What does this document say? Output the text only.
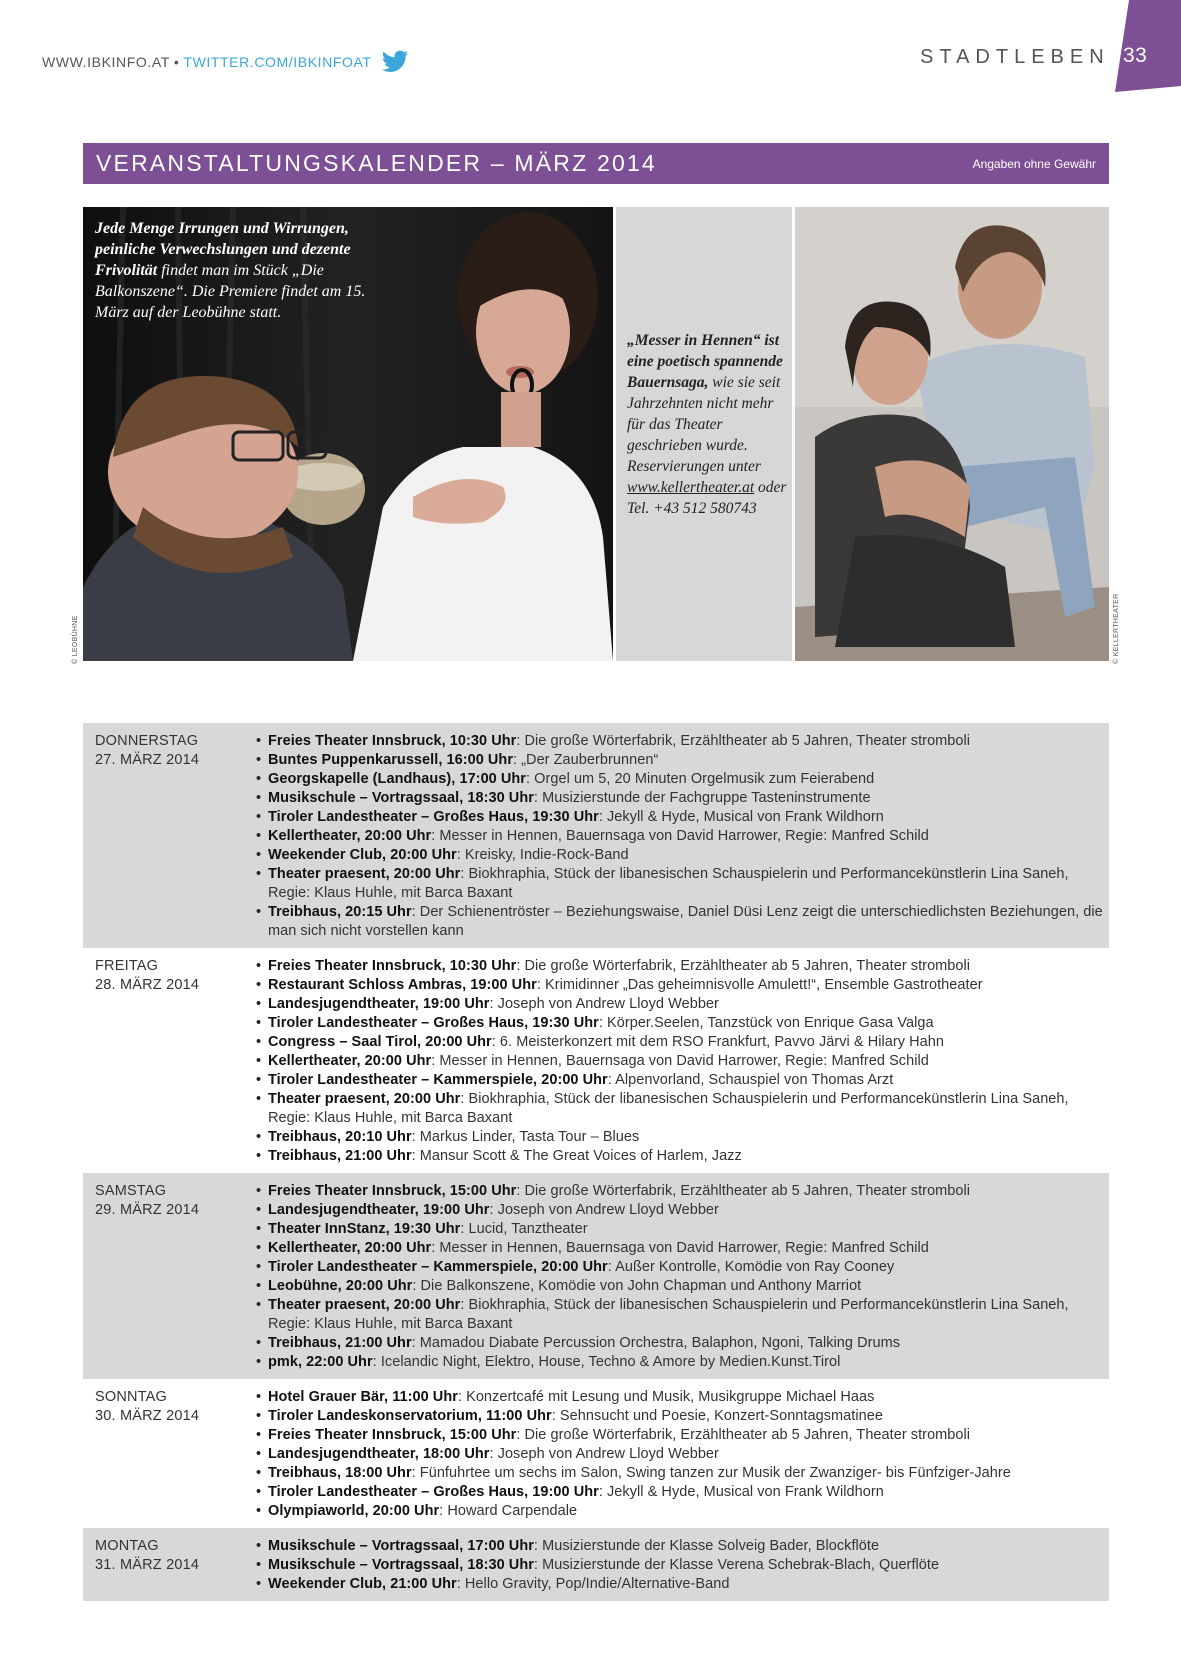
WWW.IBKINFO.AT • TWITTER.COM/IBKINFOAT	STADTLEBEN 33
VERANSTALTUNGSKALENDER – MÄRZ 2014	Angaben ohne Gewähr
Jede Menge Irrungen und Wirrungen, peinliche Verwechslungen und dezente Frivolität findet man im Stück „Die Balkonszene“. Die Premiere findet am 15. März auf der Leobühne statt.
© LEOBÜHNE
„Messer in Hennen“ ist eine poetisch spannende Bauernsaga, wie sie seit Jahrzehnten nicht mehr für das Theater geschrieben wurde. Reservierungen unter www.kellertheater.at oder Tel. +43 512 580743
© KELLERTHEATER
DONNERSTAG
27. MÄRZ 2014
• Freies Theater Innsbruck, 10:30 Uhr: Die große Wörterfabrik, Erzähltheater ab 5 Jahren, Theater stromboli
• Buntes Puppenkarussell, 16:00 Uhr: „Der Zauberbrunnen“
• Georgskapelle (Landhaus), 17:00 Uhr: Orgel um 5, 20 Minuten Orgelmusik zum Feierabend
• Musikschule – Vortragssaal, 18:30 Uhr: Musizierstunde der Fachgruppe Tasteninstrumente
• Tiroler Landestheater – Großes Haus, 19:30 Uhr: Jekyll & Hyde, Musical von Frank Wildhorn
• Kellertheater, 20:00 Uhr: Messer in Hennen, Bauernsaga von David Harrower, Regie: Manfred Schild
• Weekender Club, 20:00 Uhr: Kreisky, Indie-Rock-Band
• Theater praesent, 20:00 Uhr: Biokhraphia, Stück der libanesischen Schauspielerin und Performancekünstlerin Lina Saneh, Regie: Klaus Huhle, mit Barca Baxant
• Treibhaus, 20:15 Uhr: Der Schienentröster – Beziehungswaise, Daniel Düsi Lenz zeigt die unterschiedlichsten Beziehungen, die man sich nicht vorstellen kann
FREITAG
28. MÄRZ 2014
• Freies Theater Innsbruck, 10:30 Uhr: Die große Wörterfabrik, Erzähltheater ab 5 Jahren, Theater stromboli
• Restaurant Schloss Ambras, 19:00 Uhr: Krimidinner „Das geheimnisvolle Amulett!“, Ensemble Gastrotheater
• Landesjugendtheater, 19:00 Uhr: Joseph von Andrew Lloyd Webber
• Tiroler Landestheater – Großes Haus, 19:30 Uhr: Körper.Seelen, Tanzstück von Enrique Gasa Valga
• Congress – Saal Tirol, 20:00 Uhr: 6. Meisterkonzert mit dem RSO Frankfurt, Pavvo Järvi & Hilary Hahn
• Kellertheater, 20:00 Uhr: Messer in Hennen, Bauernsaga von David Harrower, Regie: Manfred Schild
• Tiroler Landestheater – Kammerspiele, 20:00 Uhr: Alpenvorland, Schauspiel von Thomas Arzt
• Theater praesent, 20:00 Uhr: Biokhraphia, Stück der libanesischen Schauspielerin und Performancekünstlerin Lina Saneh, Regie: Klaus Huhle, mit Barca Baxant
• Treibhaus, 20:10 Uhr: Markus Linder, Tasta Tour – Blues
• Treibhaus, 21:00 Uhr: Mansur Scott & The Great Voices of Harlem, Jazz
SAMSTAG
29. MÄRZ 2014
• Freies Theater Innsbruck, 15:00 Uhr: Die große Wörterfabrik, Erzähltheater ab 5 Jahren, Theater stromboli
• Landesjugendtheater, 19:00 Uhr: Joseph von Andrew Lloyd Webber
• Theater InnStanz, 19:30 Uhr: Lucid, Tanztheater
• Kellertheater, 20:00 Uhr: Messer in Hennen, Bauernsaga von David Harrower, Regie: Manfred Schild
• Tiroler Landestheater – Kammerspiele, 20:00 Uhr: Außer Kontrolle, Komödie von Ray Cooney
• Leobühne, 20:00 Uhr: Die Balkonszene, Komödie von John Chapman und Anthony Marriot
• Theater praesent, 20:00 Uhr: Biokhraphia, Stück der libanesischen Schauspielerin und Performancekünstlerin Lina Saneh, Regie: Klaus Huhle, mit Barca Baxant
• Treibhaus, 21:00 Uhr: Mamadou Diabate Percussion Orchestra, Balaphon, Ngoni, Talking Drums
• pmk, 22:00 Uhr: Icelandic Night, Elektro, House, Techno & Amore by Medien.Kunst.Tirol
SONNTAG
30. MÄRZ 2014
• Hotel Grauer Bär, 11:00 Uhr: Konzertcafé mit Lesung und Musik, Musikgruppe Michael Haas
• Tiroler Landeskonservatorium, 11:00 Uhr: Sehnsucht und Poesie, Konzert-Sonntagsmatinee
• Freies Theater Innsbruck, 15:00 Uhr: Die große Wörterfabrik, Erzähltheater ab 5 Jahren, Theater stromboli
• Landesjugendtheater, 18:00 Uhr: Joseph von Andrew Lloyd Webber
• Treibhaus, 18:00 Uhr: Fünfuhrtee um sechs im Salon, Swing tanzen zur Musik der Zwanziger- bis Fünfziger-Jahre
• Tiroler Landestheater – Großes Haus, 19:00 Uhr: Jekyll & Hyde, Musical von Frank Wildhorn
• Olympiaworld, 20:00 Uhr: Howard Carpendale
MONTAG
31. MÄRZ 2014
• Musikschule – Vortragssaal, 17:00 Uhr: Musizierstunde der Klasse Solveig Bader, Blockflöte
• Musikschule – Vortragssaal, 18:30 Uhr: Musizierstunde der Klasse Verena Schebrak-Blach, Querflöte
• Weekender Club, 21:00 Uhr: Hello Gravity, Pop/Indie/Alternative-Band
